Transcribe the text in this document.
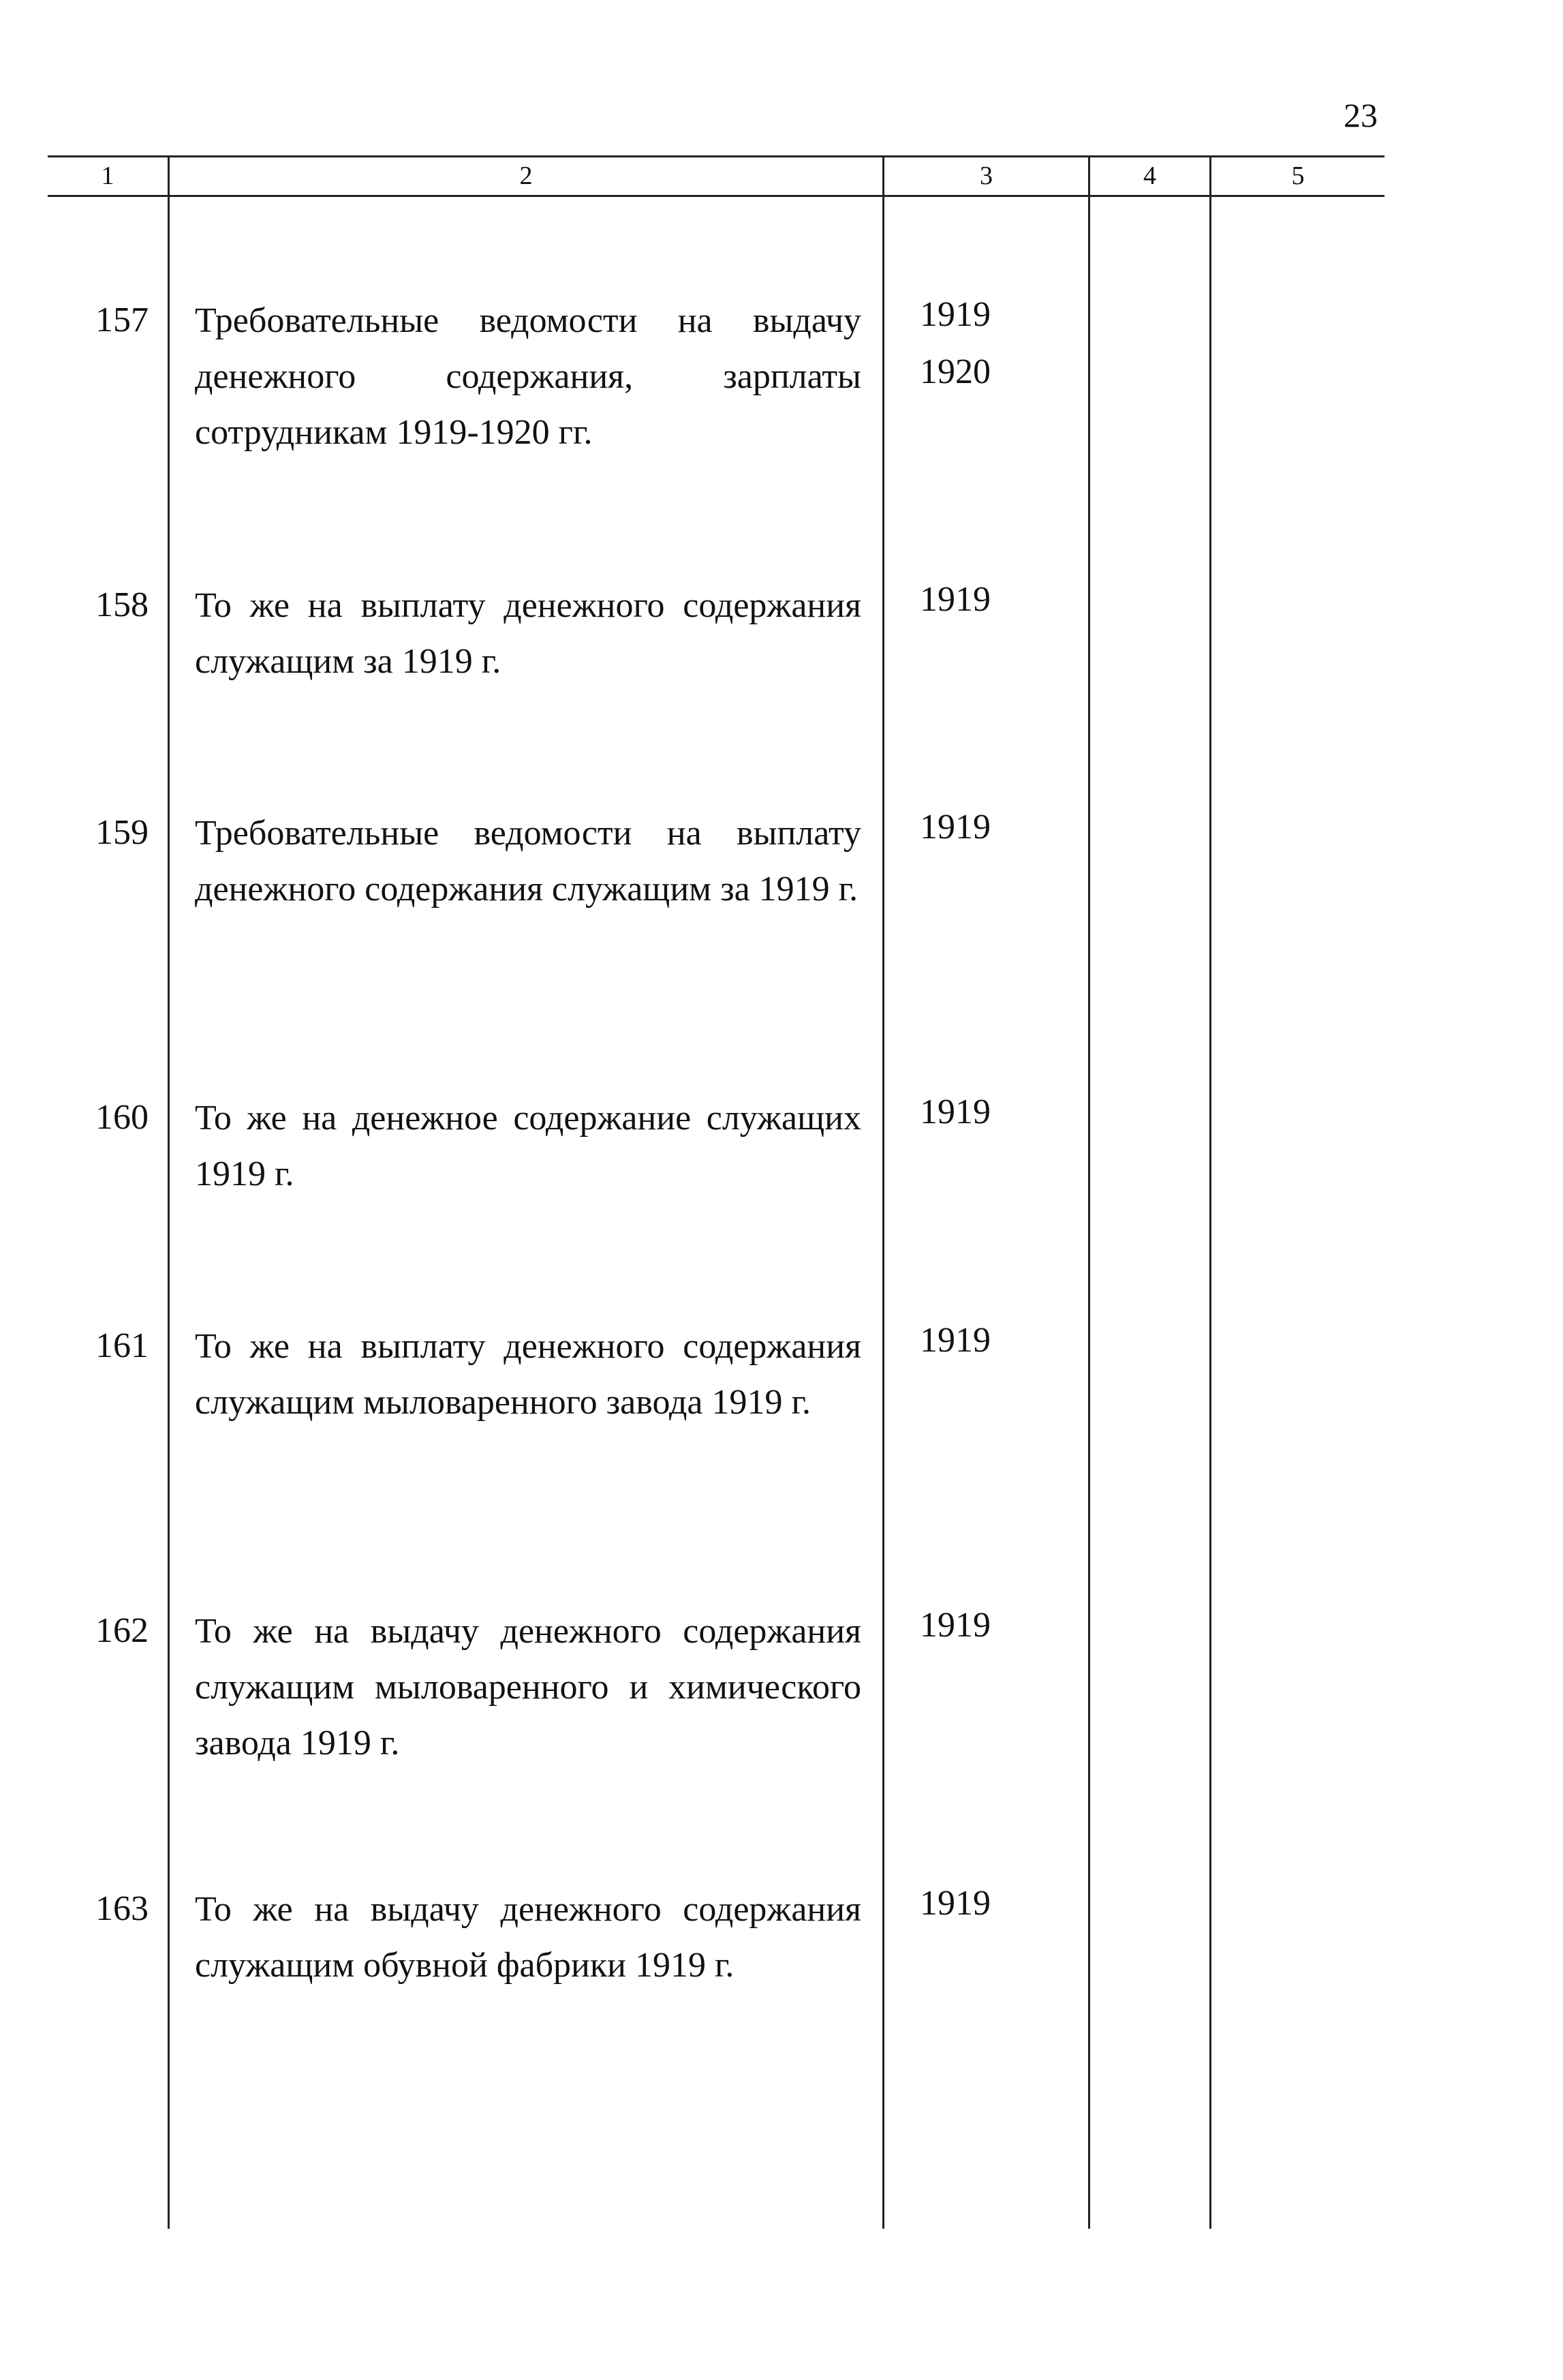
23
1	2	3	4	5
157 Требовательные ведомости на выдачу денежного содержания, зарплаты сотрудникам 1919-1920 гг.
1919
1920
158 То же на выплату денежного содержания служащим за 1919 г.
1919
159 Требовательные ведомости на выплату денежного содержания служащим за 1919 г.
1919
160 То же на денежное содержание служащих 1919 г.
1919
161 То же на выплату денежного содержания служащим мыловаренного завода 1919 г.
1919
162 То же на выдачу денежного содержания служащим мыловаренного и химического завода 1919 г.
1919
163 То же на выдачу денежного содержания служащим обувной фабрики 1919 г.
1919
